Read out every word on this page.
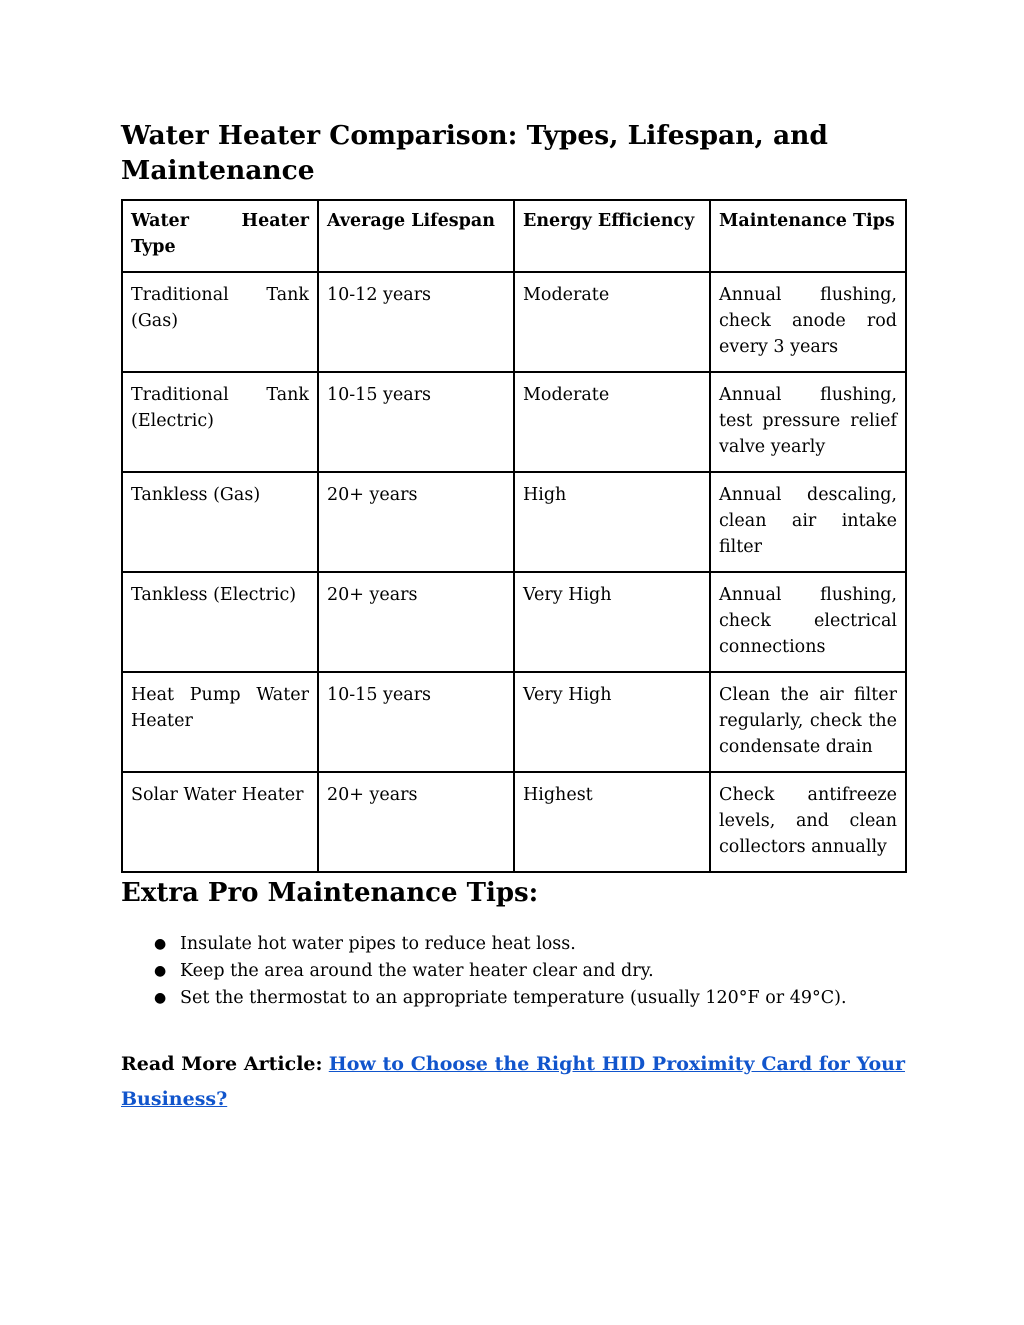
Water Heater Comparison: Types, Lifespan, and Maintenance
Water Heater Type	Average Lifespan	Energy Efficiency	Maintenance Tips
Traditional Tank (Gas)	10-12 years	Moderate	Annual flushing, check anode rod every 3 years
Traditional Tank (Electric)	10-15 years	Moderate	Annual flushing, test pressure relief valve yearly
Tankless (Gas)	20+ years	High	Annual descaling, clean air intake filter
Tankless (Electric)	20+ years	Very High	Annual flushing, check electrical connections
Heat Pump Water Heater	10-15 years	Very High	Clean the air filter regularly, check the condensate drain
Solar Water Heater	20+ years	Highest	Check antifreeze levels, and clean collectors annually
Extra Pro Maintenance Tips:
● Insulate hot water pipes to reduce heat loss.
● Keep the area around the water heater clear and dry.
● Set the thermostat to an appropriate temperature (usually 120°F or 49°C).

Read More Article: How to Choose the Right HID Proximity Card for Your Business?
